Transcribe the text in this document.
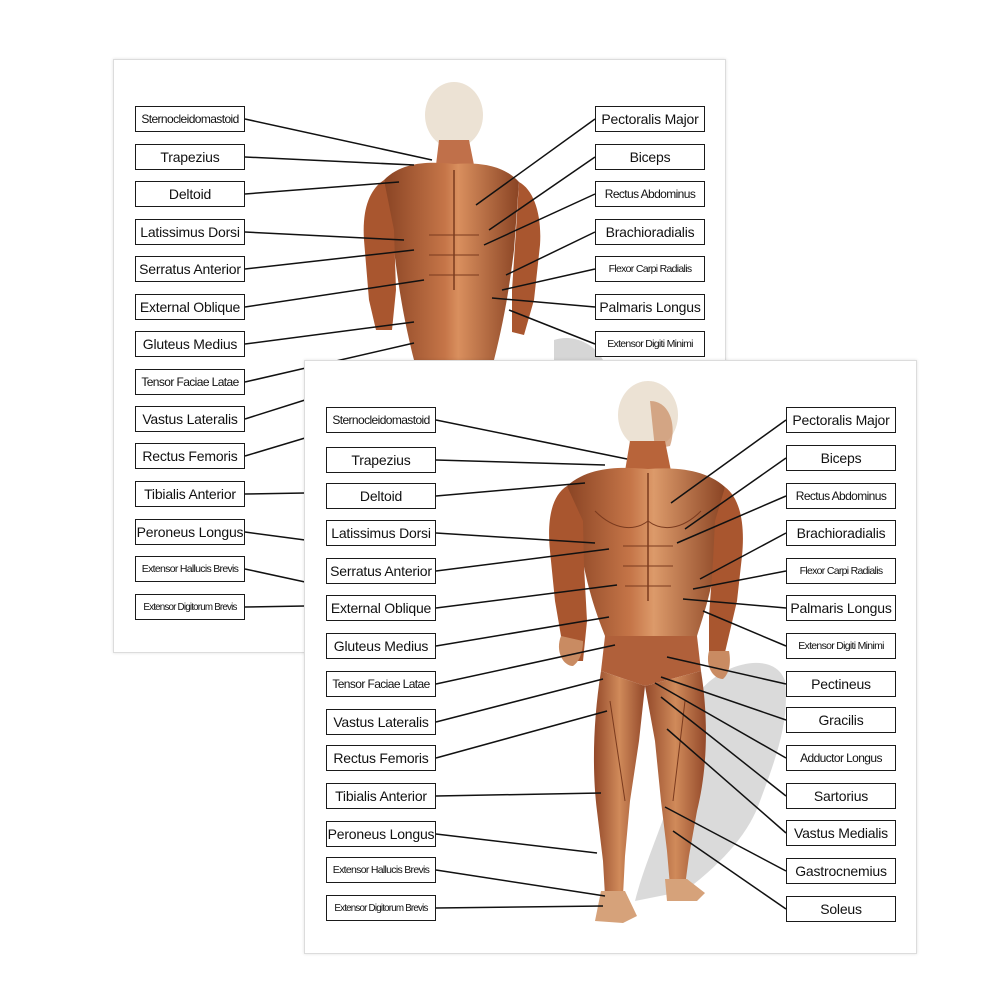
Sternocleidomastoid
Trapezius
Deltoid
Latissimus Dorsi
Serratus Anterior
External Oblique
Gluteus Medius
Tensor Faciae Latae
Vastus Lateralis
Rectus Femoris
Tibialis Anterior
Peroneus Longus
Extensor Hallucis Brevis
Extensor Digitorum Brevis
Pectoralis Major
Biceps
Rectus Abdominus
Brachioradialis
Flexor Carpi Radialis
Palmaris Longus
Extensor Digiti Minimi
Sternocleidomastoid
Trapezius
Deltoid
Latissimus Dorsi
Serratus Anterior
External Oblique
Gluteus Medius
Tensor Faciae Latae
Vastus Lateralis
Rectus Femoris
Tibialis Anterior
Peroneus Longus
Extensor Hallucis Brevis
Extensor Digitorum Brevis
Pectoralis Major
Biceps
Rectus Abdominus
Brachioradialis
Flexor Carpi Radialis
Palmaris Longus
Extensor Digiti Minimi
Pectineus
Gracilis
Adductor Longus
Sartorius
Vastus Medialis
Gastrocnemius
Soleus
